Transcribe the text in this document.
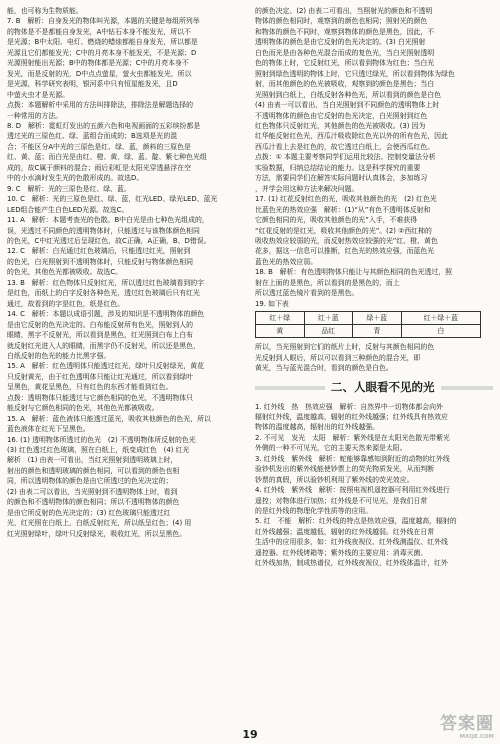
能，也可称为生物质能。

7. B　解析：自身发光的物体叫光源，本题的关键是每组所列举

的物体是不是都能自身发光，A中钻石本身不能发光，所以不

是光源；B中太阳、电灯、燃烧的蜡烛都能自身发光，所以都是

光源且它们都能发光；C中的月亮本身不能发光，不是光源；D

光源照射能出光源；B中的物体都是光源；C中的月亮本身不

发光，而是反射的光，D中点点萤星，萤火虫都能发光，所以

是光源，科学研究表明，银河系中只有恒星能发光，且D

中萤火虫才是光源。

点拨：本题解析中采用的方法叫排除法，排除法是解题选择的

一种常用的方法。

8. D　解析：霓虹灯发出的五颜六色和电视画面的五彩缤纷都是

透过光的三原色红、绿、蓝组合而成的；B选项是光的混

合；不能区分A中光的三原色是红、绿、蓝，颜料的三原色是

红、黄、蓝；而白光是由红、橙、黄、绿、蓝、靛、紫七种色光组

成的，故C属于颜料的混合；雨后彩虹是太阳光穿透悬浮在空

中的小水滴时发生光的色散形成的。故选D。

9. C　解析：光的三原色是红、绿、蓝。

10. C　解析：光的三原色是红、绿、蓝，红光LED、绿光LED、蓝光

LED组合能产生白色LED光源。故选C。

11. A　解析：本题考查光的色散。B中白光是由七种色光组成的，

误，光透过不同颜色的透明物体时，只能透过与该物体颜色相同

的色光，C中红光透过后呈现红色，故C正确，A正确，B、D错误。

12. C　解析：白光通过红色玻璃后，只能透过红光，照射到

的色光，白光照射到不透明物体时，只能反射与物体颜色相同

的色光，其他色光都被吸收。故选C。

13. B　解析：红色物体只反射红光，所以透过红色玻璃看到的字

是红色，而纸上的白字反射各种色光，透过红色玻璃后只有红光

通过，故看到的字是红色，纸是红色。

14. C　解析：本题以成语引题，涉及的知识是不透明物体的颜色

是由它反射的色光决定的。白布能反射所有色光，照射到人的

眼睛，黑字不反射光，所以看到是黑色，红光照到白布上白布

就反射红光进入人的眼睛，而黑字仍不反射光，所以还是黑色，

白纸反射的色光的能力比黑字强。

15. A　解析：红色透明体只能透过红光，绿叶只反射绿光，黄花

只反射黄光，由于红色透明体只能让红光通过，所以看到绿叶

呈黑色，黄花呈黑色，只有红色的东西才能看到红色。

点拨：透明物体只能透过与它颜色相同的色光，不透明物体只

能反射与它颜色相同的色光，其他色光都被吸收。

15. A　解析：蓝色液体只能透过蓝光，吸收其他颜色的色光，所以

蓝色液体在红光下呈黑色。

16. (1) 透明物体所透过的色光　(2) 不透明物体所反射的色光

(3) 红色透过红色玻璃，照在白纸上，纸变成红色　(4) 红光

解析　(1) 由表一可看出，当红光照射到透明玻璃上时，

射出的颜色和透明玻璃的颜色相同，可以看到的颜色也相

同，所以透明物体的颜色是由它所透过的色光决定的；

(2) 由表二可以看出，当光照射到不透明物体上时，看到

的颜色和不透明物体的颜色相同；所以不透明物体的颜色

是由它所反射的色光决定的；(3) 红色玻璃只能透过红

光，红光照在白纸上，白纸反射红光，所以纸呈红色；(4) 用

红光照射绿叶，绿叶只反射绿光，吸收红光，所以呈黑色。

的颜色决定。(2) 由表二可看出，当照射光的颜色和不透明

物体的颜色相同时，观察到的颜色也相同；照射光的颜色

和物体的颜色不同时，观察到物体的颜色是黑色，因此，不

透明物体的颜色是由它反射的色光决定的。(3) 白光照射

白色而光是由各种色光混合而成的复色光，当白光照射透明

色的物体上时，它反射红光，所以看到物体为红色；当白光

照射到绿色透明的物体上时，它只透过绿光，所以看到物体为绿色

射，而其他颜色的色光被吸收，观察到的颜色是黑色；当白

光照射到白纸上，白纸反射各种色光，所以看到的颜色是白色

(4) 由表一可以看出，当白光照射到不同颜色的透明物体上时

不透明物体的颜色由它反射的色光决定，白光照射到红色

红色物体只反射红光，其他颜色的色光被吸收。(3) 因为

红华能反射红色光，西瓜汁吸收除红色光以外的所有色光，因此

西瓜汁看上去是红色的，故它透过白纸上，会使西瓜红色。

点拨：① 本题主要考察同学们运用比较法、控制变量法分析

实验数据，归纳总结结论的能力。这是科学探究的重要

方法，需要同学们在解答实际问题时认真体会，多加练习

，并学会用这种方法来解决问题。

17. (1) 红花反射红色的光，吸收其他颜色的光　(2) 红色光

比蓝色光的热效应强　解析：(1)“从”有色不透明体反射和

它颜色相同的光，吸收其他颜色的光”入手，不难获得

“红花反射的是红光，吸收其他颜色的光”。(2) ②西红柿的

吸收热效应较弱的光，而反射热效应较强的光”红、橙、黄色

花多，据这一信息可以推断，红色光的热效应强，而蓝色光

蓝色光的热效应弱。

18. B　解析：有色透明物体只能让与其颜色相同的色光透过，照

射在上面的是黑色，所以看到的是黑色的，而上

所以透过蓝色镜片看到的是黑色。

19. 如下表

红＋绿	红＋蓝	绿＋蓝	红＋绿＋蓝
黄	品红	青	白

所以，当光照射到它们的纸片上时，反射与其颜色相同的色

光反射到人眼后，所以可以看到三种颜色的混合光，即

黄光，当与蓝光混合时，看到的颜色是白色。

二、人眼看不见的光

1. 红外线　热　热效应强　解析：自然界中一切物体都会向外

辐射红外线，温度越高，辐射的红外线越强；红外线具有热效应

物体的温度越高，辐射出的红外线越强。

2. 不可见　发光　太阳　解析：紫外线是在太阳光色散光带紫光

外侧的一种不可见光，它的主要天然来源是太阳。

3. 红外线　紫外线　解析：蛇能够靠感知到附近的动物的红外线

验钞机发出的紫外线能使钞票上的荧光物质发光，从而判断

钞票的真假，所以验钞机利用了紫外线的荧光效应。

4. 红外线　紫外线　解析：按照电视机遥控器可利用红外线进行

遥控；对物体进行加热；红外线是不可见光，是我们日常

的是红外线的物理化学性质等的应用。

5. 红　不能　解析：红外线的特点是热效应强，温度越高，辐射的

红外线越强；温度越低，辐射的红外线越弱。红外线在日常

生活中的应用很多，如：红外线夜视仪、红外线测温仪、红外线

遥控器、红外线烤箱等；紫外线的主要应用：消毒灭菌、

红外线加热，制成热谱仪，红外线夜视仪，红外线体温计，红外

19
答案圈
MXQE.COM
